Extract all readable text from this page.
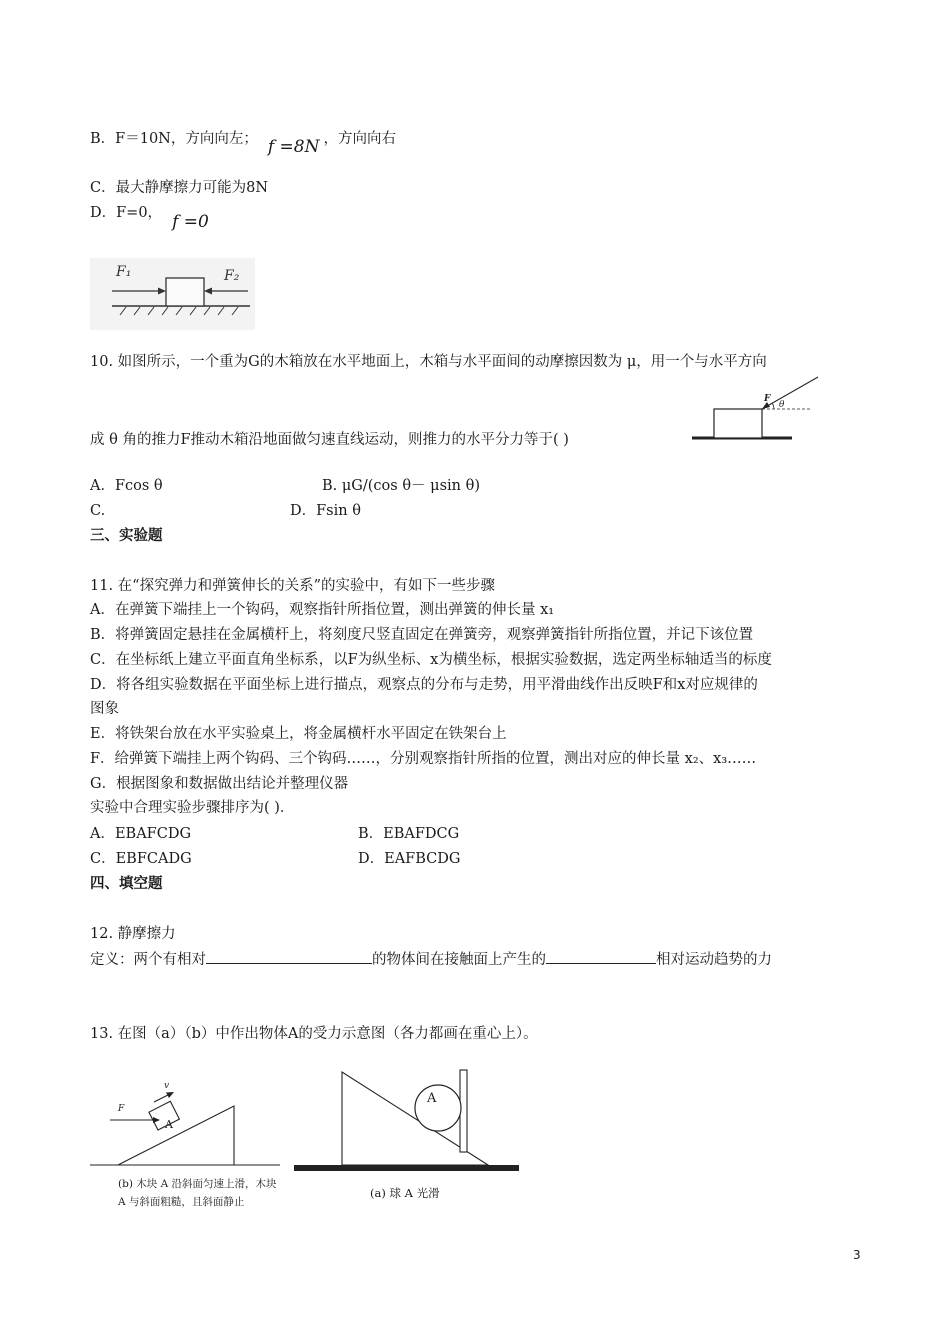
B．F＝10N，方向向左； f =8N ，方向向右
C．最大静摩擦力可能为8N
D．F=0， f =0
F₁	F₂
10. 如图所示，一个重为G的木箱放在水平地面上，木箱与水平面间的动摩擦因数为 μ，用一个与水平方向
F
θ
成 θ 角的推力F推动木箱沿地面做匀速直线运动，则推力的水平分力等于( )
A．Fcos θ	B. μG/(cos θ－ μsin θ)
C.	D．Fsin θ
三、实验题
11. 在“探究弹力和弹簧伸长的关系”的实验中，有如下一些步骤
A．在弹簧下端挂上一个钩码，观察指针所指位置，测出弹簧的伸长量 x₁
B．将弹簧固定悬挂在金属横杆上，将刻度尺竖直固定在弹簧旁，观察弹簧指针所指位置，并记下该位置
C．在坐标纸上建立平面直角坐标系，以F为纵坐标、x为横坐标，根据实验数据，选定两坐标轴适当的标度
D．将各组实验数据在平面坐标上进行描点，观察点的分布与走势，用平滑曲线作出反映F和x对应规律的
图象
E．将铁架台放在水平实验桌上，将金属横杆水平固定在铁架台上
F．给弹簧下端挂上两个钩码、三个钩码……，分别观察指针所指的位置，测出对应的伸长量 x₂、x₃……
G．根据图象和数据做出结论并整理仪器
实验中合理实验步骤排序为( )．
A．EBAFCDG	B．EBAFDCG
C．EBFCADG	D．EAFBCDG
四、填空题
12. 静摩擦力
定义：两个有相对	的物体间在接触面上产生的	相对运动趋势的力
13. 在图（a）（b）中作出物体A的受力示意图（各力都画在重心上）。
A
F
v
(b) 木块 A 沿斜面匀速上滑，木块
A 与斜面粗糙，且斜面静止
A
(a) 球 A 光滑
3
